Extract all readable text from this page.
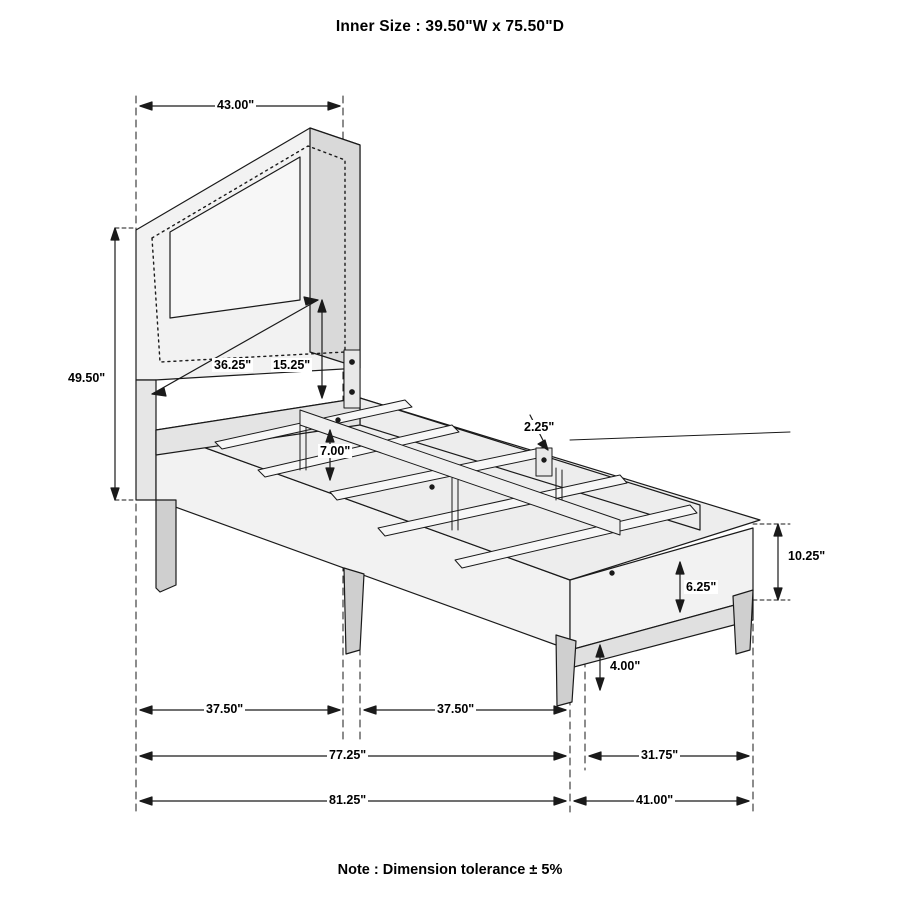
Inner Size : 39.50"W x 75.50"D
43.00"
49.50"
36.25" 15.25"
7.00"
2.25"
10.25"
6.25"
4.00"
37.50"	37.50"
77.25"	31.75"
81.25"	41.00"
Note : Dimension tolerance ± 5%
